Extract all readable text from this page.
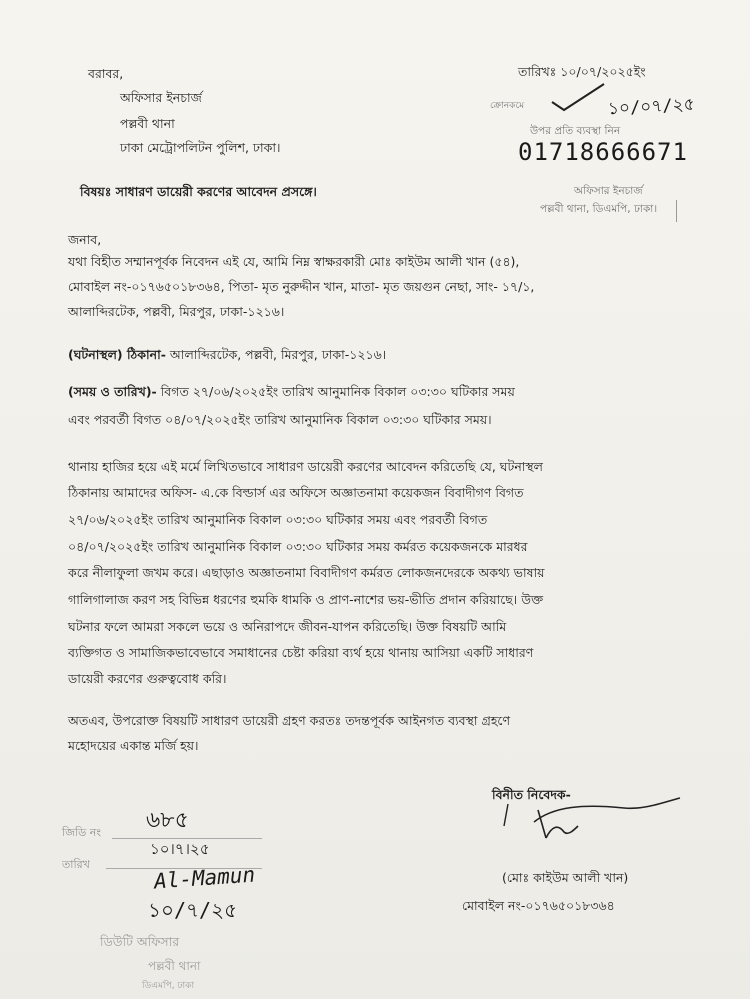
বরাবর,
অফিসার ইনচার্জ
পল্লবী থানা
ঢাকা মেট্রোপলিটন পুলিশ, ঢাকা।
তারিখঃ ১০/০৭/২০২৫ইং
ক্রোনকমে	১০/০৭/২৫
উপর প্রতি ব্যবস্থা নিন
01718666671
অফিসার ইনচার্জ
পল্লবী থানা, ডিএমপি, ঢাকা।
বিষয়ঃ সাধারণ ডায়েরী করণের আবেদন প্রসঙ্গে।
জনাব,
যথা বিহীত সম্মানপূর্বক নিবেদন এই যে, আমি নিম্ন স্বাক্ষরকারী মোঃ কাইউম আলী খান (৫৪),
মোবাইল নং-০১৭৬৫০১৮৩৬৪, পিতা- মৃত নুরুদ্দীন খান, মাতা- মৃত জয়গুন নেছা, সাং- ১৭/১,
আলাব্দিরটেক, পল্লবী, মিরপুর, ঢাকা-১২১৬।
(ঘটনাস্থল) ঠিকানা- আলাব্দিরটেক, পল্লবী, মিরপুর, ঢাকা-১২১৬।
(সময় ও তারিখ)- বিগত ২৭/০৬/২০২৫ইং তারিখ আনুমানিক বিকাল ০৩:৩০ ঘটিকার সময়
এবং পরবর্তী বিগত ০৪/০৭/২০২৫ইং তারিখ আনুমানিক বিকাল ০৩:৩০ ঘটিকার সময়।
থানায় হাজির হয়ে এই মর্মে লিখিতভাবে সাধারণ ডায়েরী করণের আবেদন করিতেছি যে, ঘটনাস্থল
ঠিকানায় আমাদের অফিস- এ.কে বিল্ডার্স এর অফিসে অজ্ঞাতনামা কয়েকজন বিবাদীগণ বিগত
২৭/০৬/২০২৫ইং তারিখ আনুমানিক বিকাল ০৩:৩০ ঘটিকার সময় এবং পরবর্তী বিগত
০৪/০৭/২০২৫ইং তারিখ আনুমানিক বিকাল ০৩:৩০ ঘটিকার সময় কর্মরত কয়েকজনকে মারধর
করে নীলাফুলা জখম করে। এছাড়াও অজ্ঞাতনামা বিবাদীগণ কর্মরত লোকজনদেরকে অকথ্য ভাষায়
গালিগালাজ করণ সহ বিভিন্ন ধরণের হুমকি ধামকি ও প্রাণ-নাশের ভয়-ভীতি প্রদান করিয়াছে। উক্ত
ঘটনার ফলে আমরা সকলে ভয়ে ও অনিরাপদে জীবন-যাপন করিতেছি। উক্ত বিষয়টি আমি
ব্যক্তিগত ও সামাজিকভাবেভাবে সমাধানের চেষ্টা করিয়া ব্যর্থ হয়ে থানায় আসিয়া একটি সাধারণ
ডায়েরী করণের গুরুত্ববোধ করি।
অতএব, উপরোক্ত বিষয়টি সাধারণ ডায়েরী গ্রহণ করতঃ তদন্তপূর্বক আইনগত ব্যবস্থা গ্রহণে
মহোদয়ের একান্ত মর্জি হয়।
বিনীত নিবেদক-
(মোঃ কাইউম আলী খান)
মোবাইল নং-০১৭৬৫০১৮৩৬৪
৬৮৫
জিডি নং
১০।৭।২৫
তারিখ	Al-Mamun
১০/৭/২৫
ডিউটি অফিসার
পল্লবী থানা
ডিএমপি, ঢাকা
